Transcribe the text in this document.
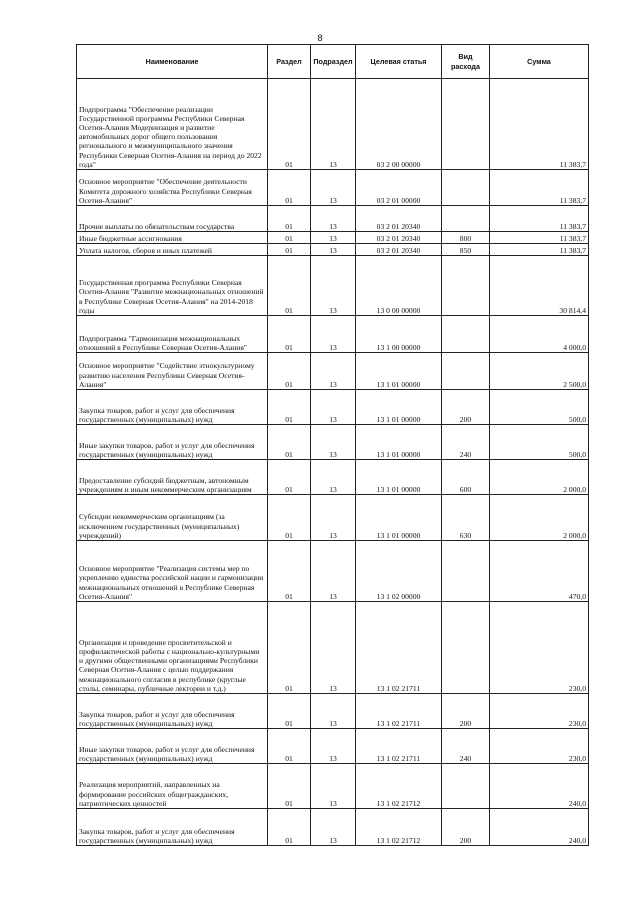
8
Наименование	Раздел	Подраздел	Целевая статья	Вид расхода	Сумма
Подпрограмма "Обеспечение реализации Государственной программы Республики Северная Осетия-Алания Модернизация и развитие автомобильных дорог общего пользования регионального и межмуниципального значения Республики Северная Осетия-Алания на период до 2022 года"	01	13	03 2 00 00000		11 383,7
Основное мероприятие "Обеспечение деятельности Комитета дорожного хозяйства Республики Северная Осетия-Алания"	01	13	03 2 01 00000		11 383,7
Прочие выплаты по обязательствам государства	01	13	03 2 01 20340		11 383,7
Иные бюджетные ассигнования	01	13	03 2 01 20340	800	11 383,7
Уплата налогов, сборов и иных платежей	01	13	03 2 01 20340	850	11 383,7
Государственная программа Республики Северная Осетия-Алания "Развитие межнациональных отношений в Республике Северная Осетия-Алания" на 2014-2018 годы	01	13	13 0 00 00000		30 814,4
Подпрограмма "Гармонизация межнациональных отношений в Республике Северная Осетия-Алания"	01	13	13 1 00 00000		4 000,0
Основное мероприятие "Содействие этнокультурному развитию населения Республики Северная Осетия-Алания"	01	13	13 1 01 00000		2 500,0
Закупка товаров, работ и услуг для обеспечения государственных (муниципальных) нужд	01	13	13 1 01 00000	200	500,0
Иные закупки товаров, работ и услуг для обеспечения государственных (муниципальных) нужд	01	13	13 1 01 00000	240	500,0
Предоставление субсидий бюджетным, автономным учреждениям и иным некоммерческим организациям	01	13	13 1 01 00000	600	2 000,0
Субсидии некоммерческим организациям (за исключением государственных (муниципальных) учреждений)	01	13	13 1 01 00000	630	2 000,0
Основное мероприятие "Реализация системы мер по укреплению единства российской нации и гармонизации межнациональных отношений в Республике Северная Осетия-Алания"	01	13	13 1 02 00000		470,0
Организация и проведение просветительской и профилактической работы с национально-культурными и другими общественными организациями Республики Северная Осетия-Алания с целью поддержания межнационального согласия в республике (круглые столы, семинары, публичные лектории и т.д.)	01	13	13 1 02 21711		230,0
Закупка товаров, работ и услуг для обеспечения государственных (муниципальных) нужд	01	13	13 1 02 21711	200	230,0
Иные закупки товаров, работ и услуг для обеспечения государственных (муниципальных) нужд	01	13	13 1 02 21711	240	230,0
Реализация мероприятий, направленных на формирование российских общегражданских, патриотических ценностей	01	13	13 1 02 21712		240,0
Закупка товаров, работ и услуг для обеспечения государственных (муниципальных) нужд	01	13	13 1 02 21712	200	240,0
